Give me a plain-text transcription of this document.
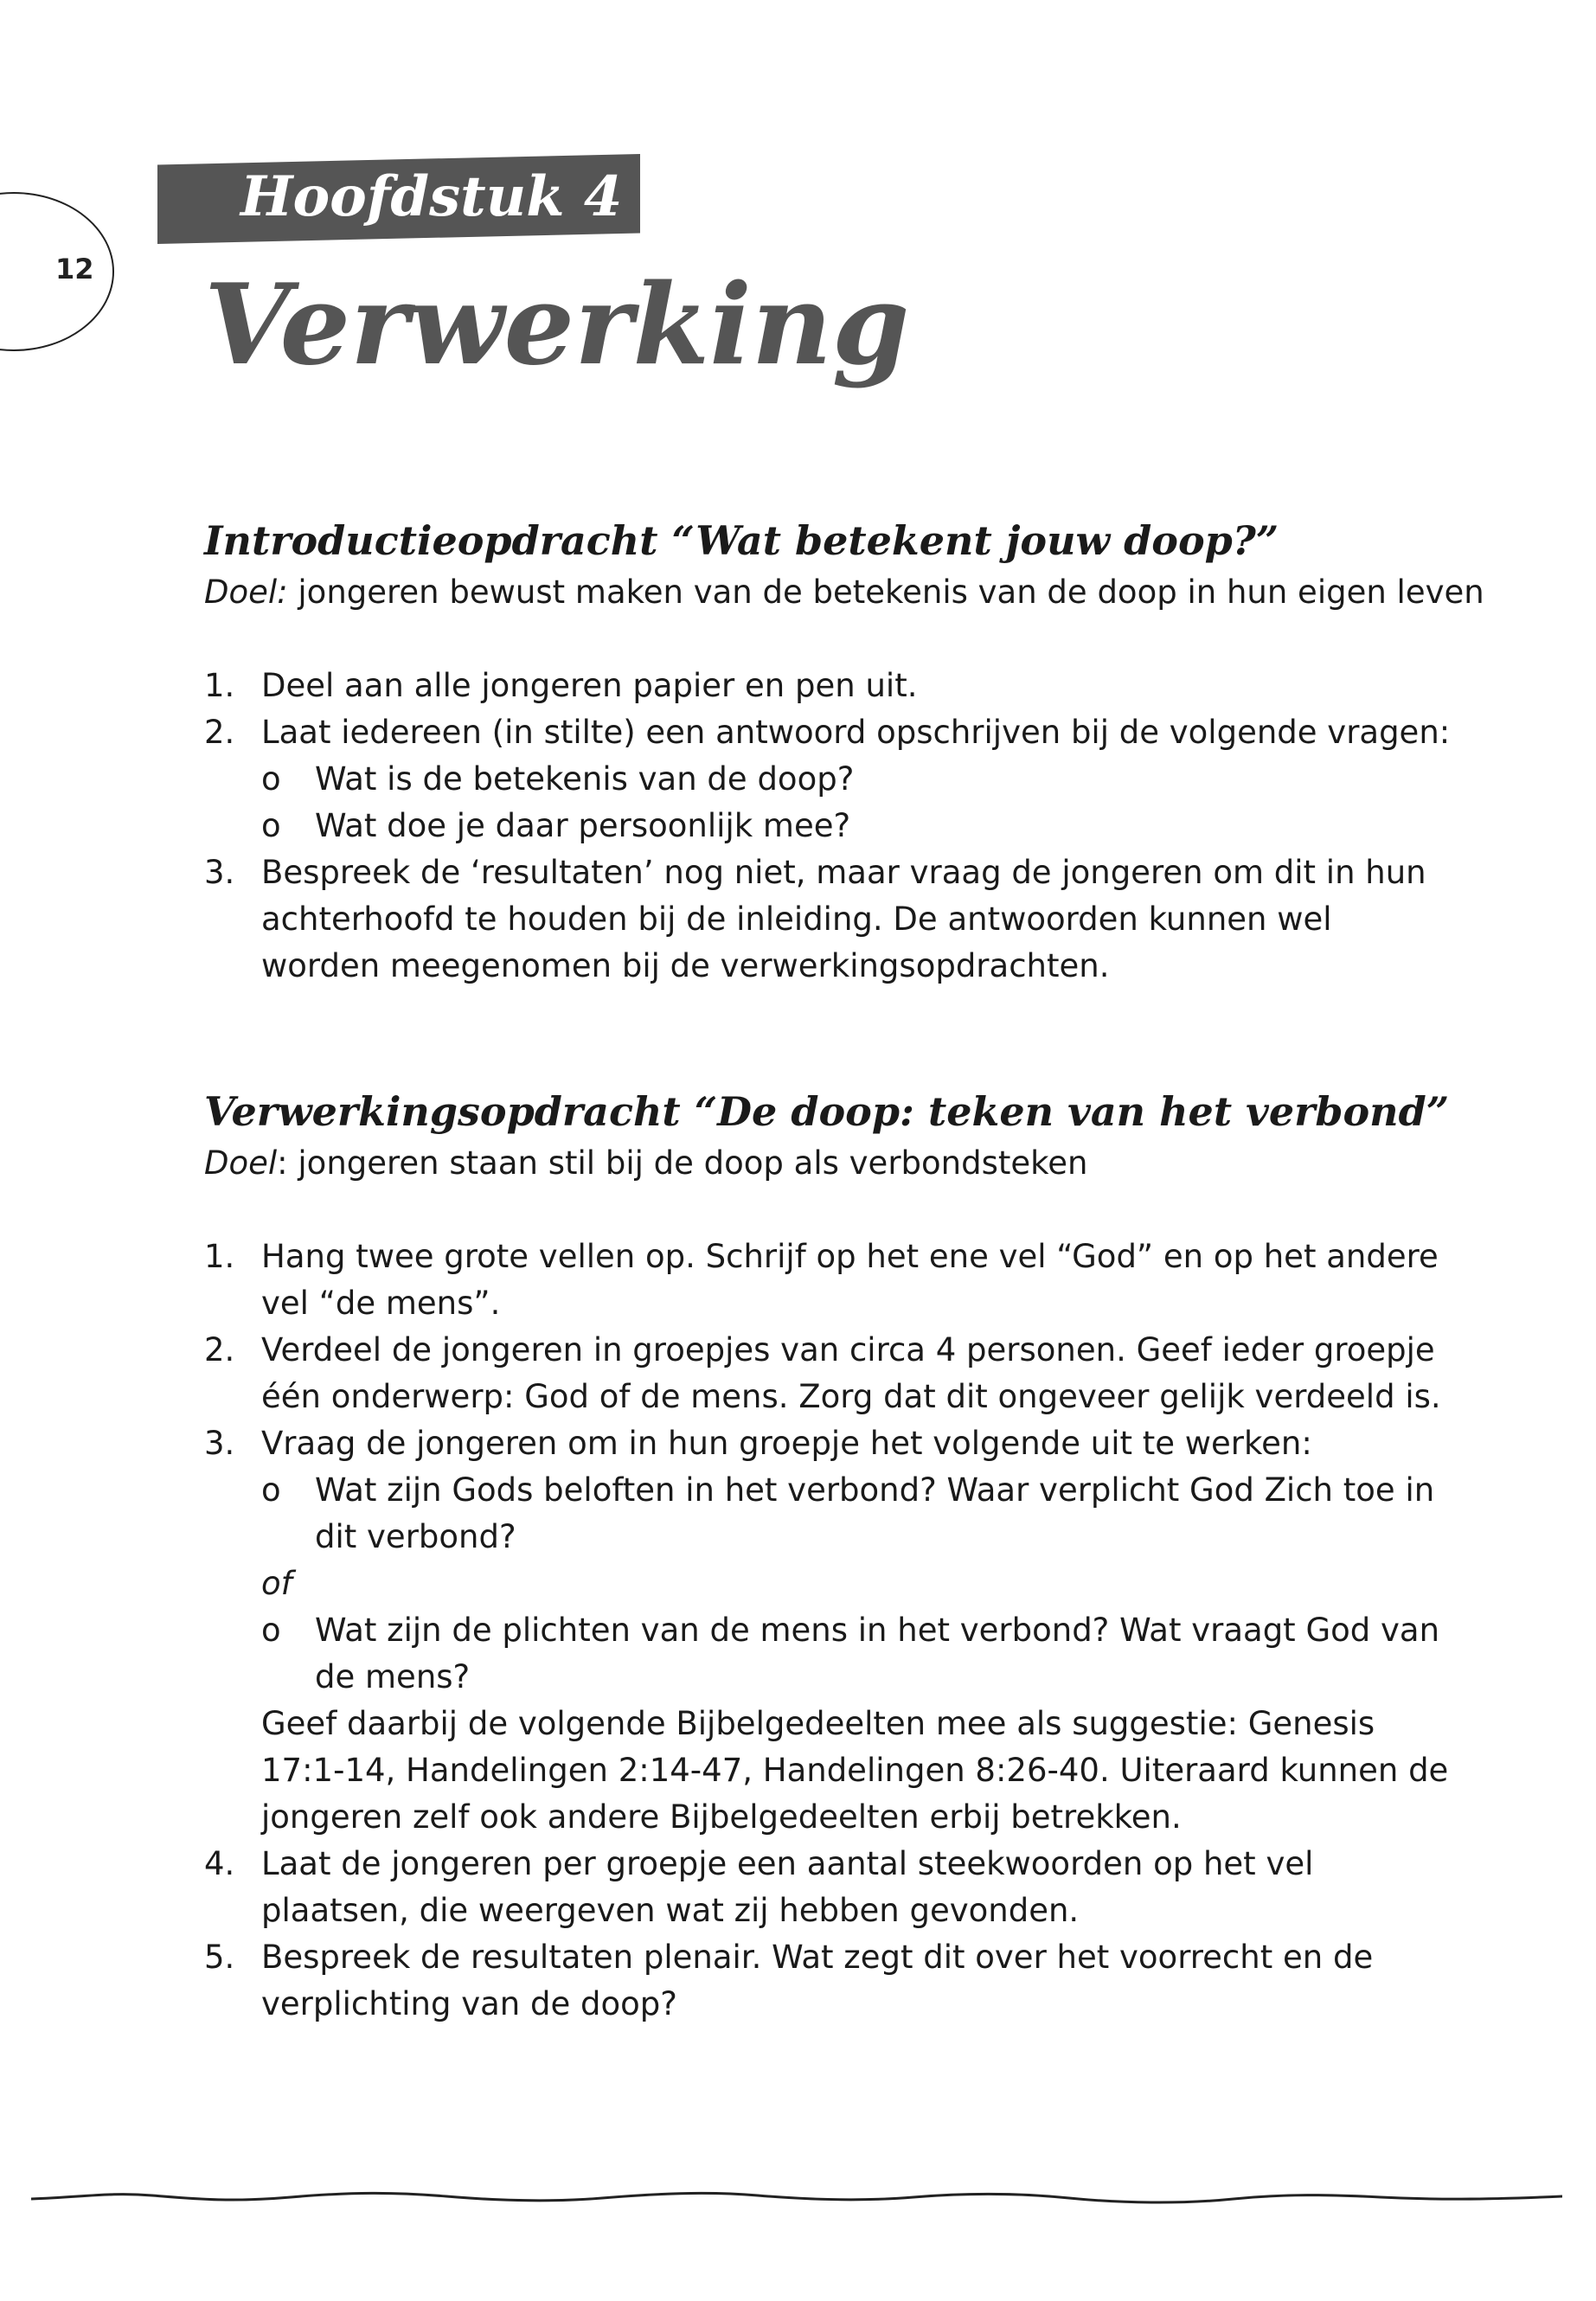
12
Hoofdstuk 4
Verwerking
Introductieopdracht “Wat betekent jouw doop?”

Doel: jongeren bewust maken van de betekenis van de doop in hun eigen leven

1. Deel aan alle jongeren papier en pen uit.
2. Laat iedereen (in stilte) een antwoord opschrijven bij de volgende vragen:
o Wat is de betekenis van de doop?
o Wat doe je daar persoonlijk mee?
3. Bespreek de ‘resultaten’ nog niet, maar vraag de jongeren om dit in hun achterhoofd te houden bij de inleiding. De antwoorden kunnen wel worden meegenomen bij de verwerkingsopdrachten.
Verwerkingsopdracht “De doop: teken van het verbond”

Doel: jongeren staan stil bij de doop als verbondsteken

1. Hang twee grote vellen op. Schrijf op het ene vel “God” en op het andere vel “de mens”.
2. Verdeel de jongeren in groepjes van circa 4 personen. Geef ieder groepje één onderwerp: God of de mens. Zorg dat dit ongeveer gelijk verdeeld is.
3. Vraag de jongeren om in hun groepje het volgende uit te werken:
o Wat zijn Gods beloften in het verbond? Waar verplicht God Zich toe in dit verbond?
of
o Wat zijn de plichten van de mens in het verbond? Wat vraagt God van de mens?
Geef daarbij de volgende Bijbelgedeelten mee als suggestie: Genesis 17:1-14, Handelingen 2:14-47, Handelingen 8:26-40. Uiteraard kunnen de jongeren zelf ook andere Bijbelgedeelten erbij betrekken.
4. Laat de jongeren per groepje een aantal steekwoorden op het vel plaatsen, die weergeven wat zij hebben gevonden.
5. Bespreek de resultaten plenair. Wat zegt dit over het voorrecht en de verplichting van de doop?
